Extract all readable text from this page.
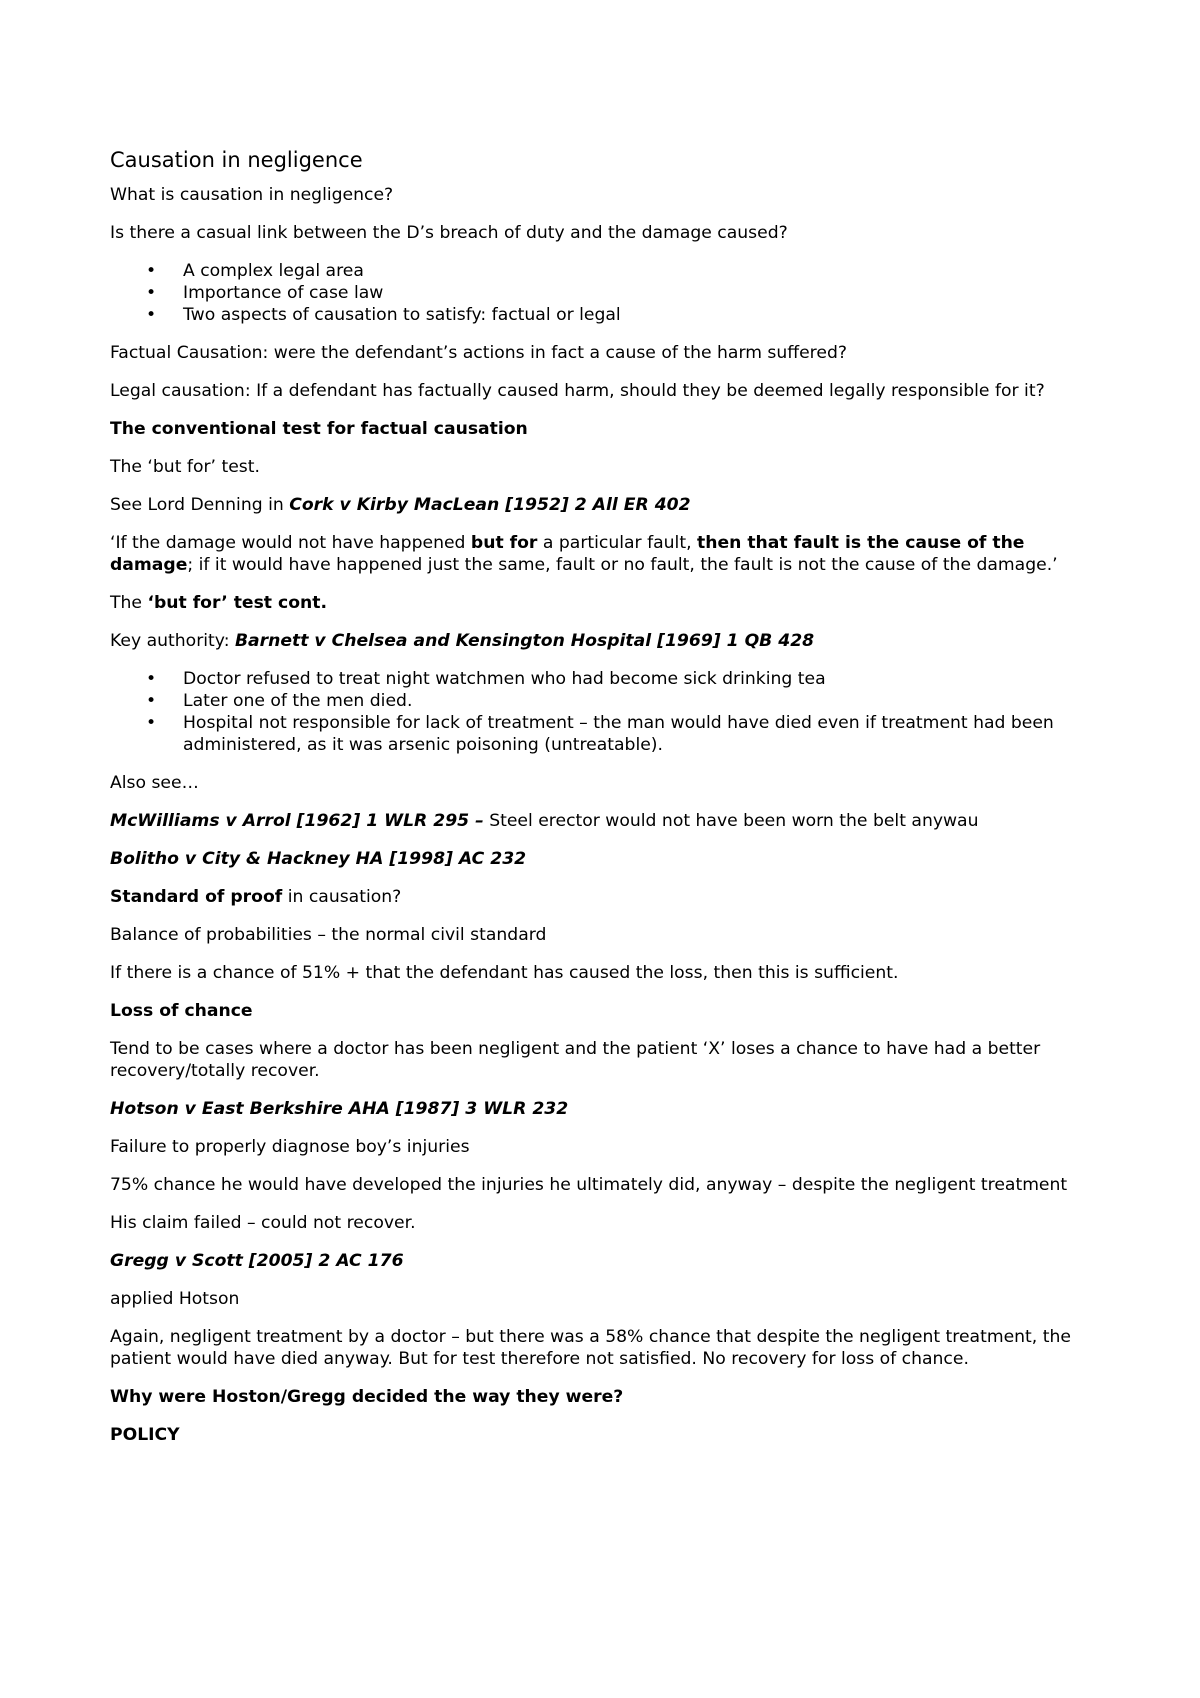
Causation in negligence

What is causation in negligence?

Is there a casual link between the D’s breach of duty and the damage caused?

• A complex legal area
• Importance of case law
• Two aspects of causation to satisfy: factual or legal

Factual Causation: were the defendant’s actions in fact a cause of the harm suffered?

Legal causation: If a defendant has factually caused harm, should they be deemed legally responsible for it?

The conventional test for factual causation

The ‘but for’ test.

See Lord Denning in Cork v Kirby MacLean [1952] 2 All ER 402

‘If the damage would not have happened but for a particular fault, then that fault is the cause of the damage; if it would have happened just the same, fault or no fault, the fault is not the cause of the damage.’

The ‘but for’ test cont.

Key authority: Barnett v Chelsea and Kensington Hospital [1969] 1 QB 428

• Doctor refused to treat night watchmen who had become sick drinking tea
• Later one of the men died.
• Hospital not responsible for lack of treatment – the man would have died even if treatment had been administered, as it was arsenic poisoning (untreatable).

Also see…

McWilliams v Arrol [1962] 1 WLR 295 – Steel erector would not have been worn the belt anywau

Bolitho v City & Hackney HA [1998] AC 232

Standard of proof in causation?

Balance of probabilities – the normal civil standard

If there is a chance of 51% + that the defendant has caused the loss, then this is sufficient.

Loss of chance

Tend to be cases where a doctor has been negligent and the patient ‘X’ loses a chance to have had a better recovery/totally recover.

Hotson v East Berkshire AHA [1987] 3 WLR 232

Failure to properly diagnose boy’s injuries

75% chance he would have developed the injuries he ultimately did, anyway – despite the negligent treatment

His claim failed – could not recover.

Gregg v Scott [2005] 2 AC 176

applied Hotson

Again, negligent treatment by a doctor – but there was a 58% chance that despite the negligent treatment, the patient would have died anyway. But for test therefore not satisfied. No recovery for loss of chance.

Why were Hoston/Gregg decided the way they were?

POLICY
